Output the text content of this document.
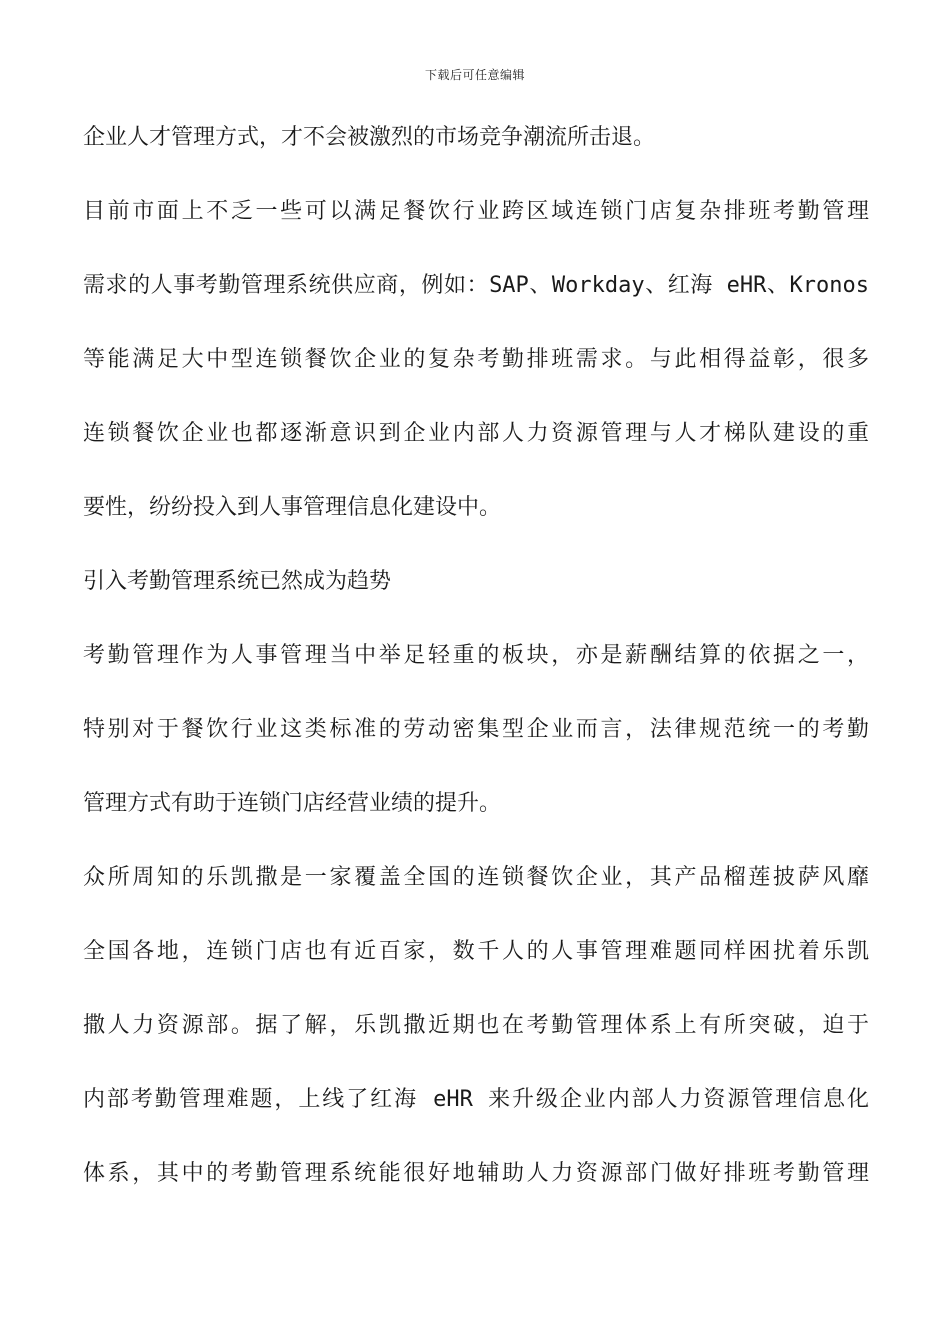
下载后可任意编辑
企业人才管理方式，才不会被激烈的市场竞争潮流所击退。
目前市面上不乏一些可以满足餐饮行业跨区域连锁门店复杂排班考勤管理
需求的人事考勤管理系统供应商，例如：SAP、Workday、红海 eHR、Kronos
等能满足大中型连锁餐饮企业的复杂考勤排班需求。与此相得益彰，很多
连锁餐饮企业也都逐渐意识到企业内部人力资源管理与人才梯队建设的重
要性，纷纷投入到人事管理信息化建设中。
引入考勤管理系统已然成为趋势
考勤管理作为人事管理当中举足轻重的板块，亦是薪酬结算的依据之一，
特别对于餐饮行业这类标准的劳动密集型企业而言，法律规范统一的考勤
管理方式有助于连锁门店经营业绩的提升。
众所周知的乐凯撒是一家覆盖全国的连锁餐饮企业，其产品榴莲披萨风靡
全国各地，连锁门店也有近百家，数千人的人事管理难题同样困扰着乐凯
撒人力资源部。据了解，乐凯撒近期也在考勤管理体系上有所突破，迫于
内部考勤管理难题，上线了红海 eHR 来升级企业内部人力资源管理信息化
体系，其中的考勤管理系统能很好地辅助人力资源部门做好排班考勤管理
